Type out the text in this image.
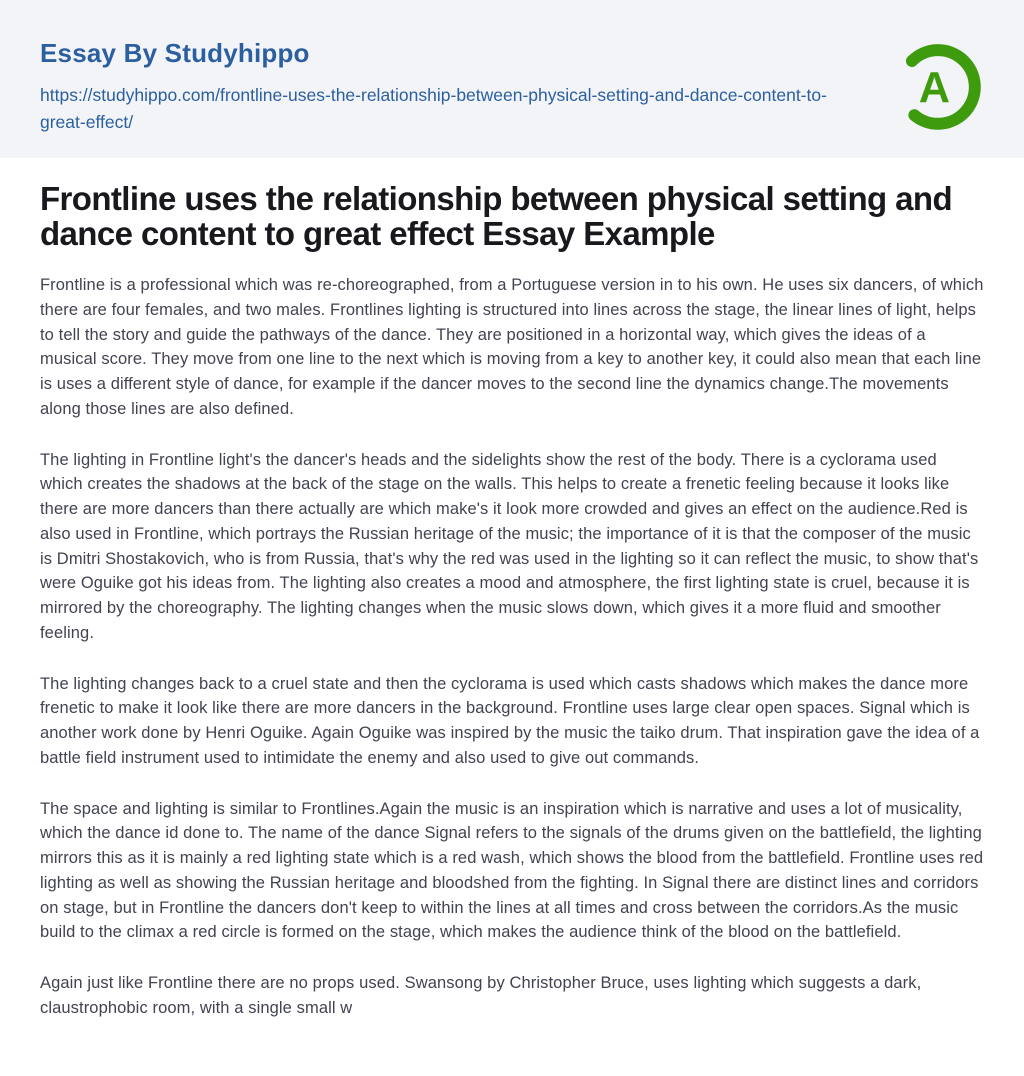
Essay By Studyhippo
https://studyhippo.com/frontline-uses-the-relationship-between-physical-setting-and-dance-content-to-great-effect/
A
Frontline uses the relationship between physical setting and dance content to great effect Essay Example

Frontline is a professional which was re-choreographed, from a Portuguese version in to his own. He uses six dancers, of which there are four females, and two males. Frontlines lighting is structured into lines across the stage, the linear lines of light, helps to tell the story and guide the pathways of the dance. They are positioned in a horizontal way, which gives the ideas of a musical score. They move from one line to the next which is moving from a key to another key, it could also mean that each line is uses a different style of dance, for example if the dancer moves to the second line the dynamics change.The movements along those lines are also defined.

The lighting in Frontline light's the dancer's heads and the sidelights show the rest of the body. There is a cyclorama used which creates the shadows at the back of the stage on the walls. This helps to create a frenetic feeling because it looks like there are more dancers than there actually are which make's it look more crowded and gives an effect on the audience.Red is also used in Frontline, which portrays the Russian heritage of the music; the importance of it is that the composer of the music is Dmitri Shostakovich, who is from Russia, that's why the red was used in the lighting so it can reflect the music, to show that's were Oguike got his ideas from. The lighting also creates a mood and atmosphere, the first lighting state is cruel, because it is mirrored by the choreography. The lighting changes when the music slows down, which gives it a more fluid and smoother feeling.

The lighting changes back to a cruel state and then the cyclorama is used which casts shadows which makes the dance more frenetic to make it look like there are more dancers in the background. Frontline uses large clear open spaces. Signal which is another work done by Henri Oguike. Again Oguike was inspired by the music the taiko drum. That inspiration gave the idea of a battle field instrument used to intimidate the enemy and also used to give out commands.

The space and lighting is similar to Frontlines.Again the music is an inspiration which is narrative and uses a lot of musicality, which the dance id done to. The name of the dance Signal refers to the signals of the drums given on the battlefield, the lighting mirrors this as it is mainly a red lighting state which is a red wash, which shows the blood from the battlefield. Frontline uses red lighting as well as showing the Russian heritage and bloodshed from the fighting. In Signal there are distinct lines and corridors on stage, but in Frontline the dancers don't keep to within the lines at all times and cross between the corridors.As the music build to the climax a red circle is formed on the stage, which makes the audience think of the blood on the battlefield.

Again just like Frontline there are no props used. Swansong by Christopher Bruce, uses lighting which suggests a dark, claustrophobic room, with a single small w
